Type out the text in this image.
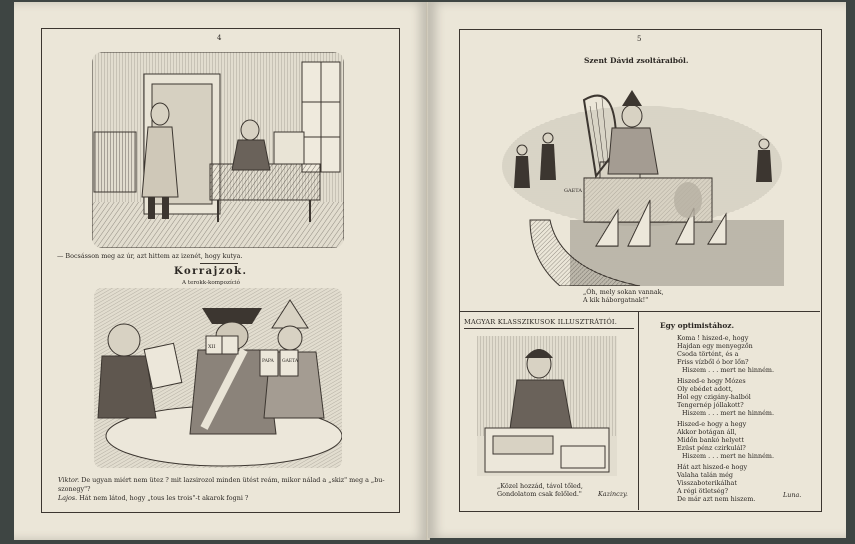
4
— Bocsásson meg az úr, azt hittem az izenét, hogy kutya.
Korrajzok.
A terokk-kompozíció
XII
PAPA GAETA
Viktor. De ugyan miért nem ütez ? mit lazsirozol minden ütést reám, mikor nálad a „skiz" meg a „bu-
szonegy"?
Lajos. Hát nem látod, hogy „tous les trois"-t akarok fogni ?
5
Szent Dávid zsoltáraiból.
GAETA
„Óh, mely sokan vannak,
A kik háborgatnak!"
MAGYAR KLASSZIKUSOK ILLUSZTRÁTIÓI.
„Közel hozzád, távol tőled,
Gondolatom csak felőled."	Kazinczy.
Egy optimistához.
Koma ! hiszed-e, hogy
Hajdan egy menyegzőn
Csoda történt, és a
Friss vízből ó bor lőn?
Hiszem . . . mert ne hinném.
Hiszed-e hogy Mózes
Oly ebédet adott,
Hol egy czigány-halból
Tengernép jóllakott?
Hiszem . . . mert ne hinném.
Hiszed-e hogy a hegy
Akkor botágan áll,
Midőn bankó helyett
Ezüst pénz czirkulál?
Hiszem . . . mert ne hinném.
Hát azt hiszed-e hogy
Valaha talán még
Visszaboterikálhat
A régi ötletség?
De már azt nem hiszem.	Luna.
